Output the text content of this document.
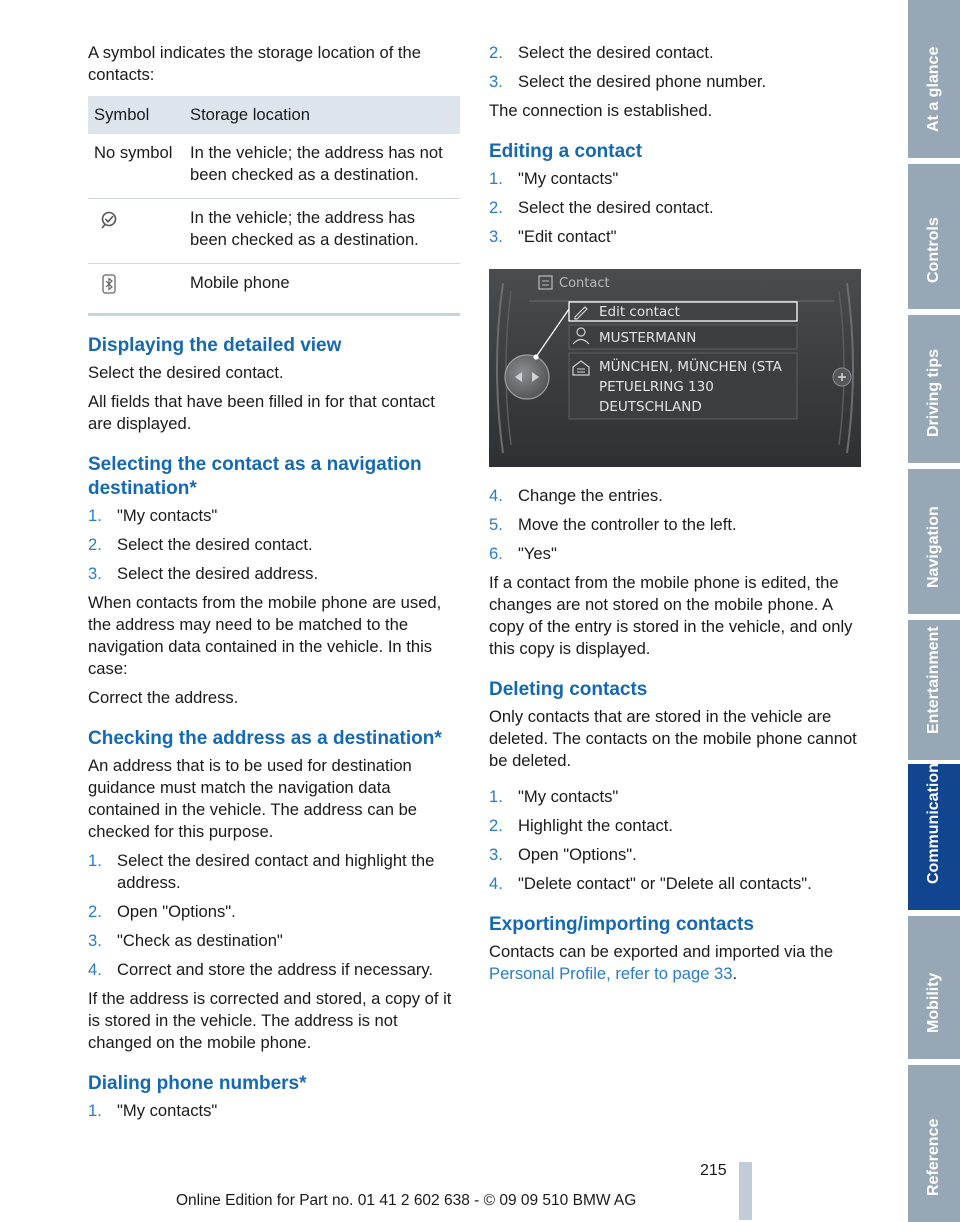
A symbol indicates the storage location of the contacts:

Symbol	Storage location
No symbol	In the vehicle; the address has not been checked as a destination.
	In the vehicle; the address has been checked as a destination.
	Mobile phone
Displaying the detailed view

Select the desired contact.

All fields that have been filled in for that contact are displayed.

Selecting the contact as a navigation destination*
1. "My contacts"
2. Select the desired contact.
3. Select the desired address.

When contacts from the mobile phone are used, the address may need to be matched to the navigation data contained in the vehicle. In this case:

Correct the address.

Checking the address as a destination*

An address that is to be used for destination guidance must match the navigation data contained in the vehicle. The address can be checked for this purpose.

1. Select the desired contact and highlight the address.
2. Open "Options".
3. "Check as destination"
4. Correct and store the address if necessary.

If the address is corrected and stored, a copy of it is stored in the vehicle. The address is not changed on the mobile phone.

Dialing phone numbers*
1. "My contacts"
2. Select the desired contact.
3. Select the desired phone number.

The connection is established.

Editing a contact
1. "My contacts"
2. Select the desired contact.
3. "Edit contact"
Contact
Edit contact
MUSTERMANN
MÜNCHEN, MÜNCHEN (STA
PETUELRING 130
DEUTSCHLAND
4. Change the entries.
5. Move the controller to the left.
6. "Yes"

If a contact from the mobile phone is edited, the changes are not stored on the mobile phone. A copy of the entry is stored in the vehicle, and only this copy is displayed.

Deleting contacts

Only contacts that are stored in the vehicle are deleted. The contacts on the mobile phone cannot be deleted.

1. "My contacts"
2. Highlight the contact.
3. Open "Options".
4. "Delete contact" or "Delete all contacts".
Exporting/importing contacts

Contacts can be exported and imported via the Personal Profile, refer to page 33.

At a glance
Controls
Driving tips
Navigation
Entertainment
Communication
Mobility
Reference
215
Online Edition for Part no. 01 41 2 602 638 - © 09 09 510 BMW AG
